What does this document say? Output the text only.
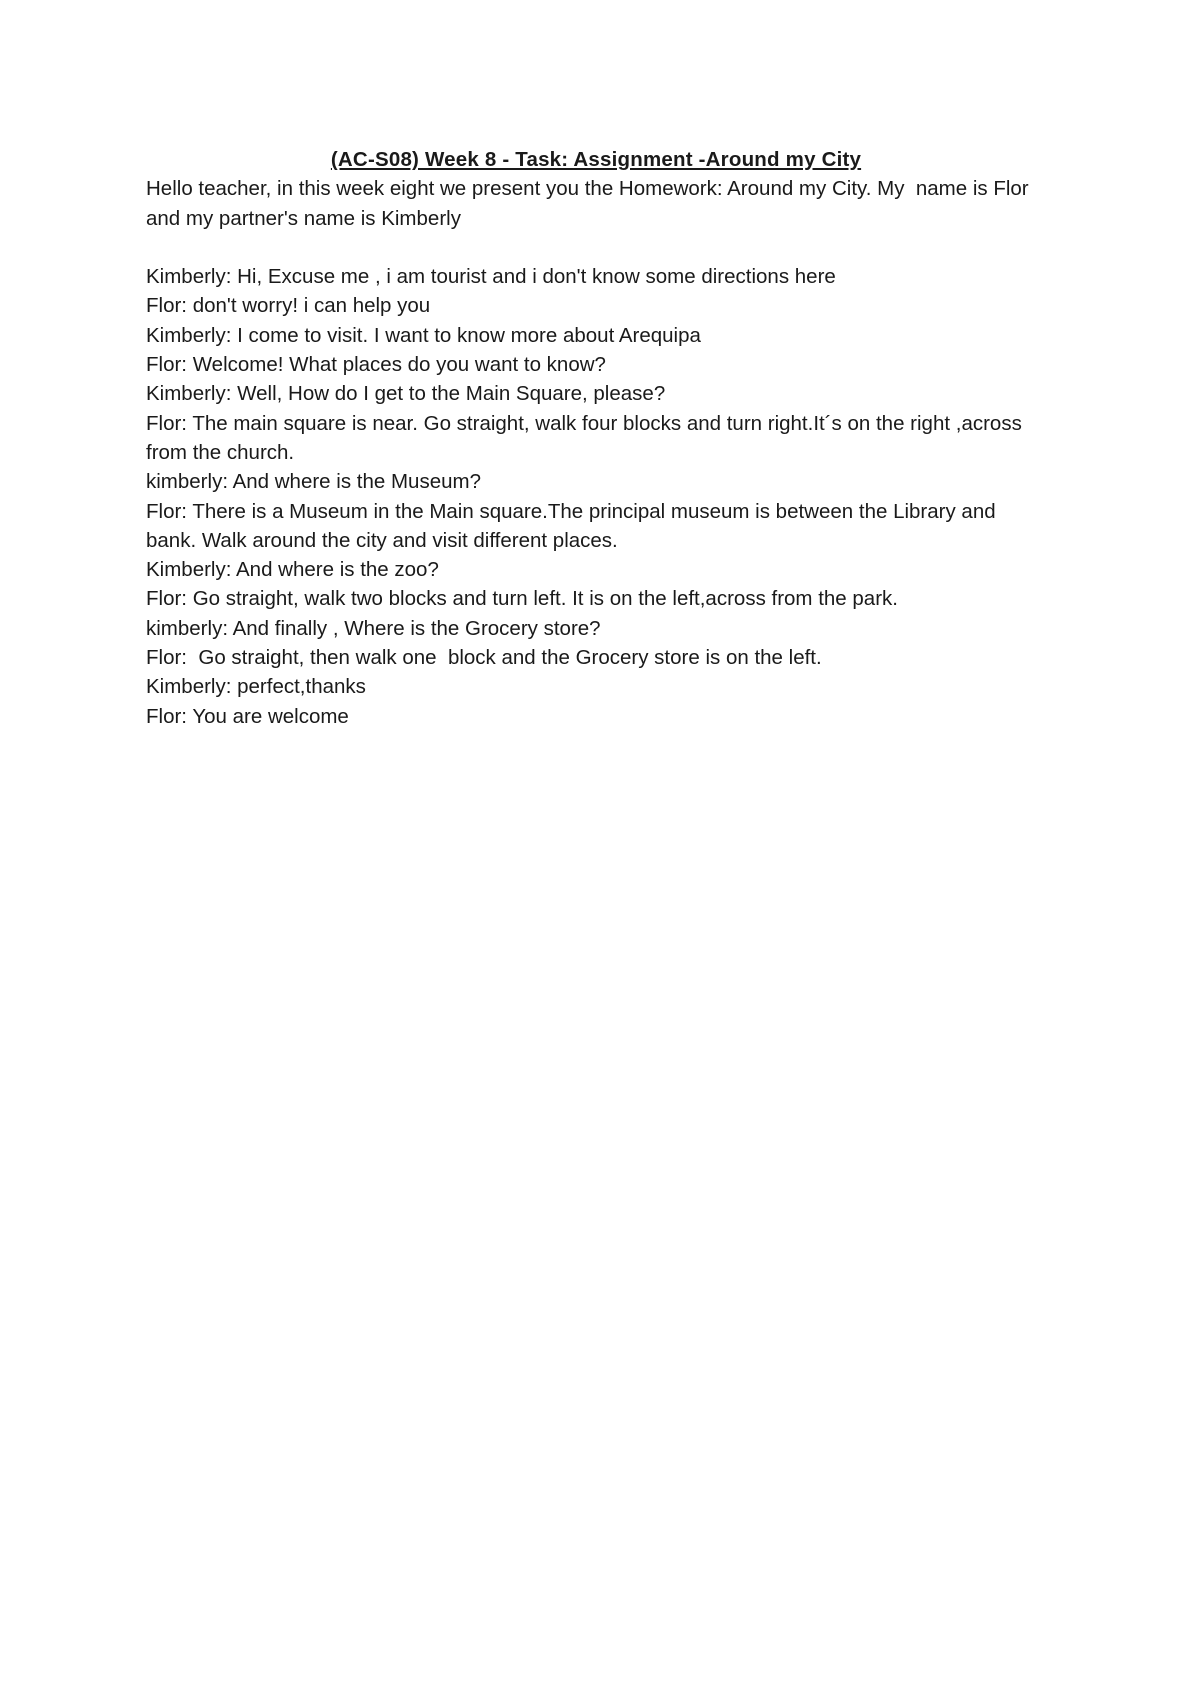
(AC-S08) Week 8 - Task: Assignment -Around my City

Hello teacher, in this week eight we present you the Homework: Around my City. My  name is Flor and my partner's name is Kimberly

Kimberly: Hi, Excuse me , i am tourist and i don't know some directions here

Flor: don't worry! i can help you

Kimberly: I come to visit. I want to know more about Arequipa

Flor: Welcome! What places do you want to know?

Kimberly: Well, How do I get to the Main Square, please?

Flor: The main square is near. Go straight, walk four blocks and turn right.It´s on the right ,across from the church.

kimberly: And where is the Museum?

Flor: There is a Museum in the Main square.The principal museum is between the Library and bank. Walk around the city and visit different places.

Kimberly: And where is the zoo?

Flor: Go straight, walk two blocks and turn left. It is on the left,across from the park.

kimberly: And finally , Where is the Grocery store?

Flor:  Go straight, then walk one  block and the Grocery store is on the left.

Kimberly: perfect,thanks

Flor: You are welcome
